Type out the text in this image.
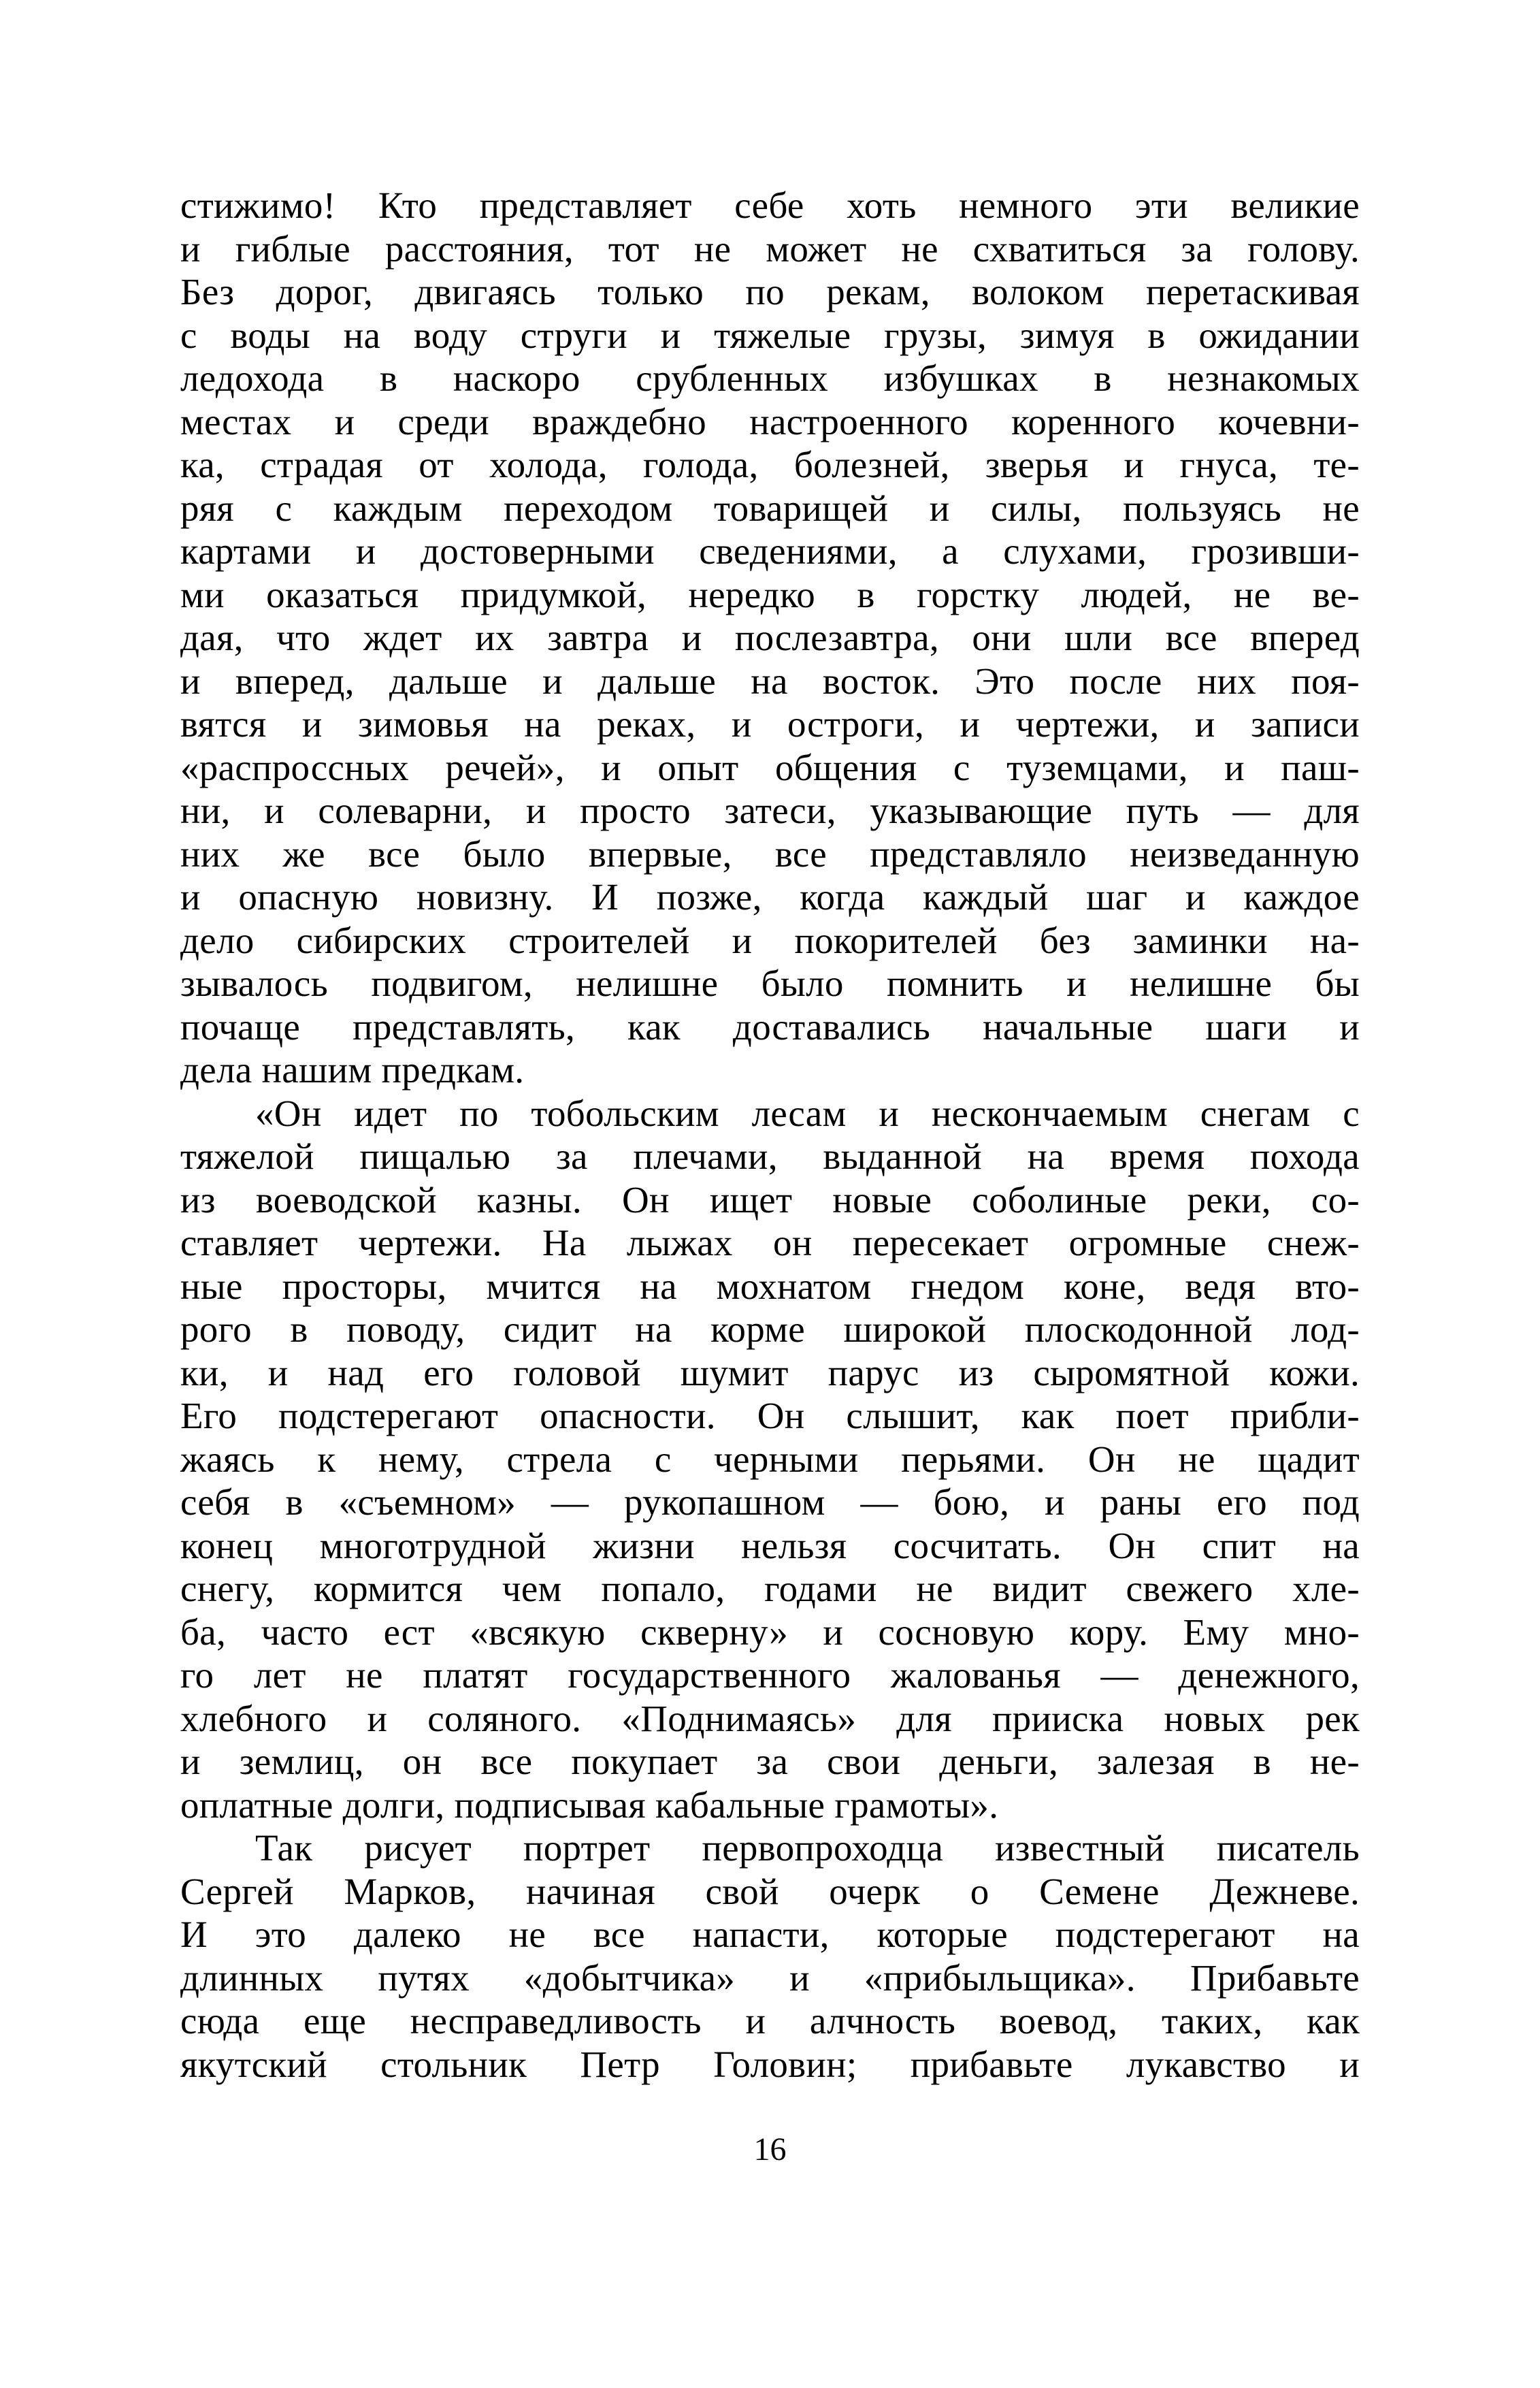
стижимо! Кто представляет себе хоть немного эти великие
и гиблые расстояния, тот не может не схватиться за голову.
Без дорог, двигаясь только по рекам, волоком перетаскивая
с воды на воду струги и тяжелые грузы, зимуя в ожидании
ледохода в наскоро срубленных избушках в незнакомых
местах и среди враждебно настроенного коренного кочевни-
ка, страдая от холода, голода, болезней, зверья и гнуса, те-
ряя с каждым переходом товарищей и силы, пользуясь не
картами и достоверными сведениями, а слухами, грозивши-
ми оказаться придумкой, нередко в горстку людей, не ве-
дая, что ждет их завтра и послезавтра, они шли все вперед
и вперед, дальше и дальше на восток. Это после них поя-
вятся и зимовья на реках, и остроги, и чертежи, и записи
«распроссных речей», и опыт общения с туземцами, и паш-
ни, и солеварни, и просто затеси, указывающие путь — для
них же все было впервые, все представляло неизведанную
и опасную новизну. И позже, когда каждый шаг и каждое
дело сибирских строителей и покорителей без заминки на-
зывалось подвигом, нелишне было помнить и нелишне бы
почаще представлять, как доставались начальные шаги и
дела нашим предкам.
«Он идет по тобольским лесам и нескончаемым снегам с
тяжелой пищалью за плечами, выданной на время похода
из воеводской казны. Он ищет новые соболиные реки, со-
ставляет чертежи. На лыжах он пересекает огромные снеж-
ные просторы, мчится на мохнатом гнедом коне, ведя вто-
рого в поводу, сидит на корме широкой плоскодонной лод-
ки, и над его головой шумит парус из сыромятной кожи.
Его подстерегают опасности. Он слышит, как поет прибли-
жаясь к нему, стрела с черными перьями. Он не щадит
себя в «съемном» — рукопашном — бою, и раны его под
конец многотрудной жизни нельзя сосчитать. Он спит на
снегу, кормится чем попало, годами не видит свежего хле-
ба, часто ест «всякую скверну» и сосновую кору. Ему мно-
го лет не платят государственного жалованья — денежного,
хлебного и соляного. «Поднимаясь» для приискa новых рек
и землиц, он все покупает за свои деньги, залезая в не-
оплатные долги, подписывая кабальные грамоты».
Так рисует портрет первопроходца известный писатель
Сергей Марков, начиная свой очерк о Семене Дежневе.
И это далеко не все напасти, которые подстерегают на
длинных путях «добытчика» и «прибыльщика». Прибавьте
сюда еще несправедливость и алчность воевод, таких, как
якутский стольник Петр Головин; прибавьте лукавство и
16
